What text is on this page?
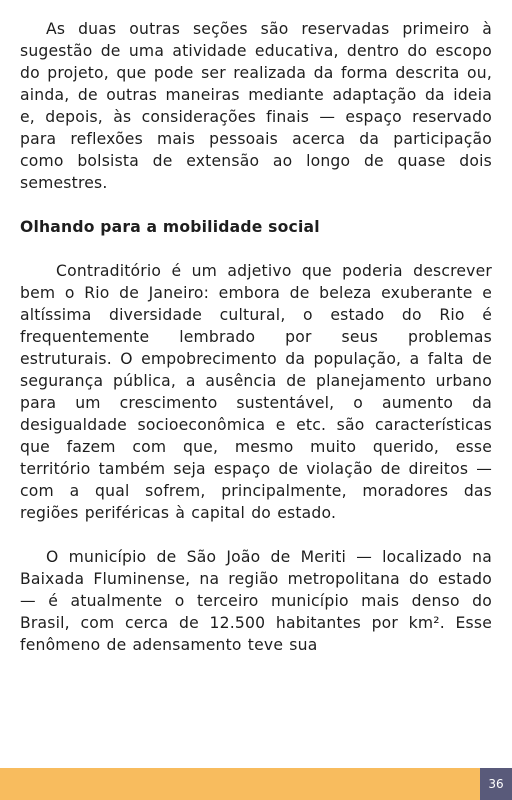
As duas outras seções são reservadas primeiro à sugestão de uma atividade educativa, dentro do escopo do projeto, que pode ser realizada da forma descrita ou, ainda, de outras maneiras mediante adaptação da ideia e, depois, às considerações finais — espaço reservado para reflexões mais pessoais acerca da participação como bolsista de extensão ao longo de quase dois semestres.

Olhando para a mobilidade social

Contraditório é um adjetivo que poderia descrever bem o Rio de Janeiro: embora de beleza exuberante e altíssima diversidade cultural, o estado do Rio é frequentemente lembrado por seus problemas estruturais. O empobrecimento da população, a falta de segurança pública, a ausência de planejamento urbano para um crescimento sustentável, o aumento da desigualdade socioeconômica e etc. são características que fazem com que, mesmo muito querido, esse território também seja espaço de violação de direitos — com a qual sofrem, principalmente, moradores das regiões periféricas à capital do estado.

O município de São João de Meriti — localizado na Baixada Fluminense, na região metropolitana do estado — é atualmente o terceiro município mais denso do Brasil, com cerca de 12.500 habitantes por km². Esse fenômeno de adensamento teve sua

36
